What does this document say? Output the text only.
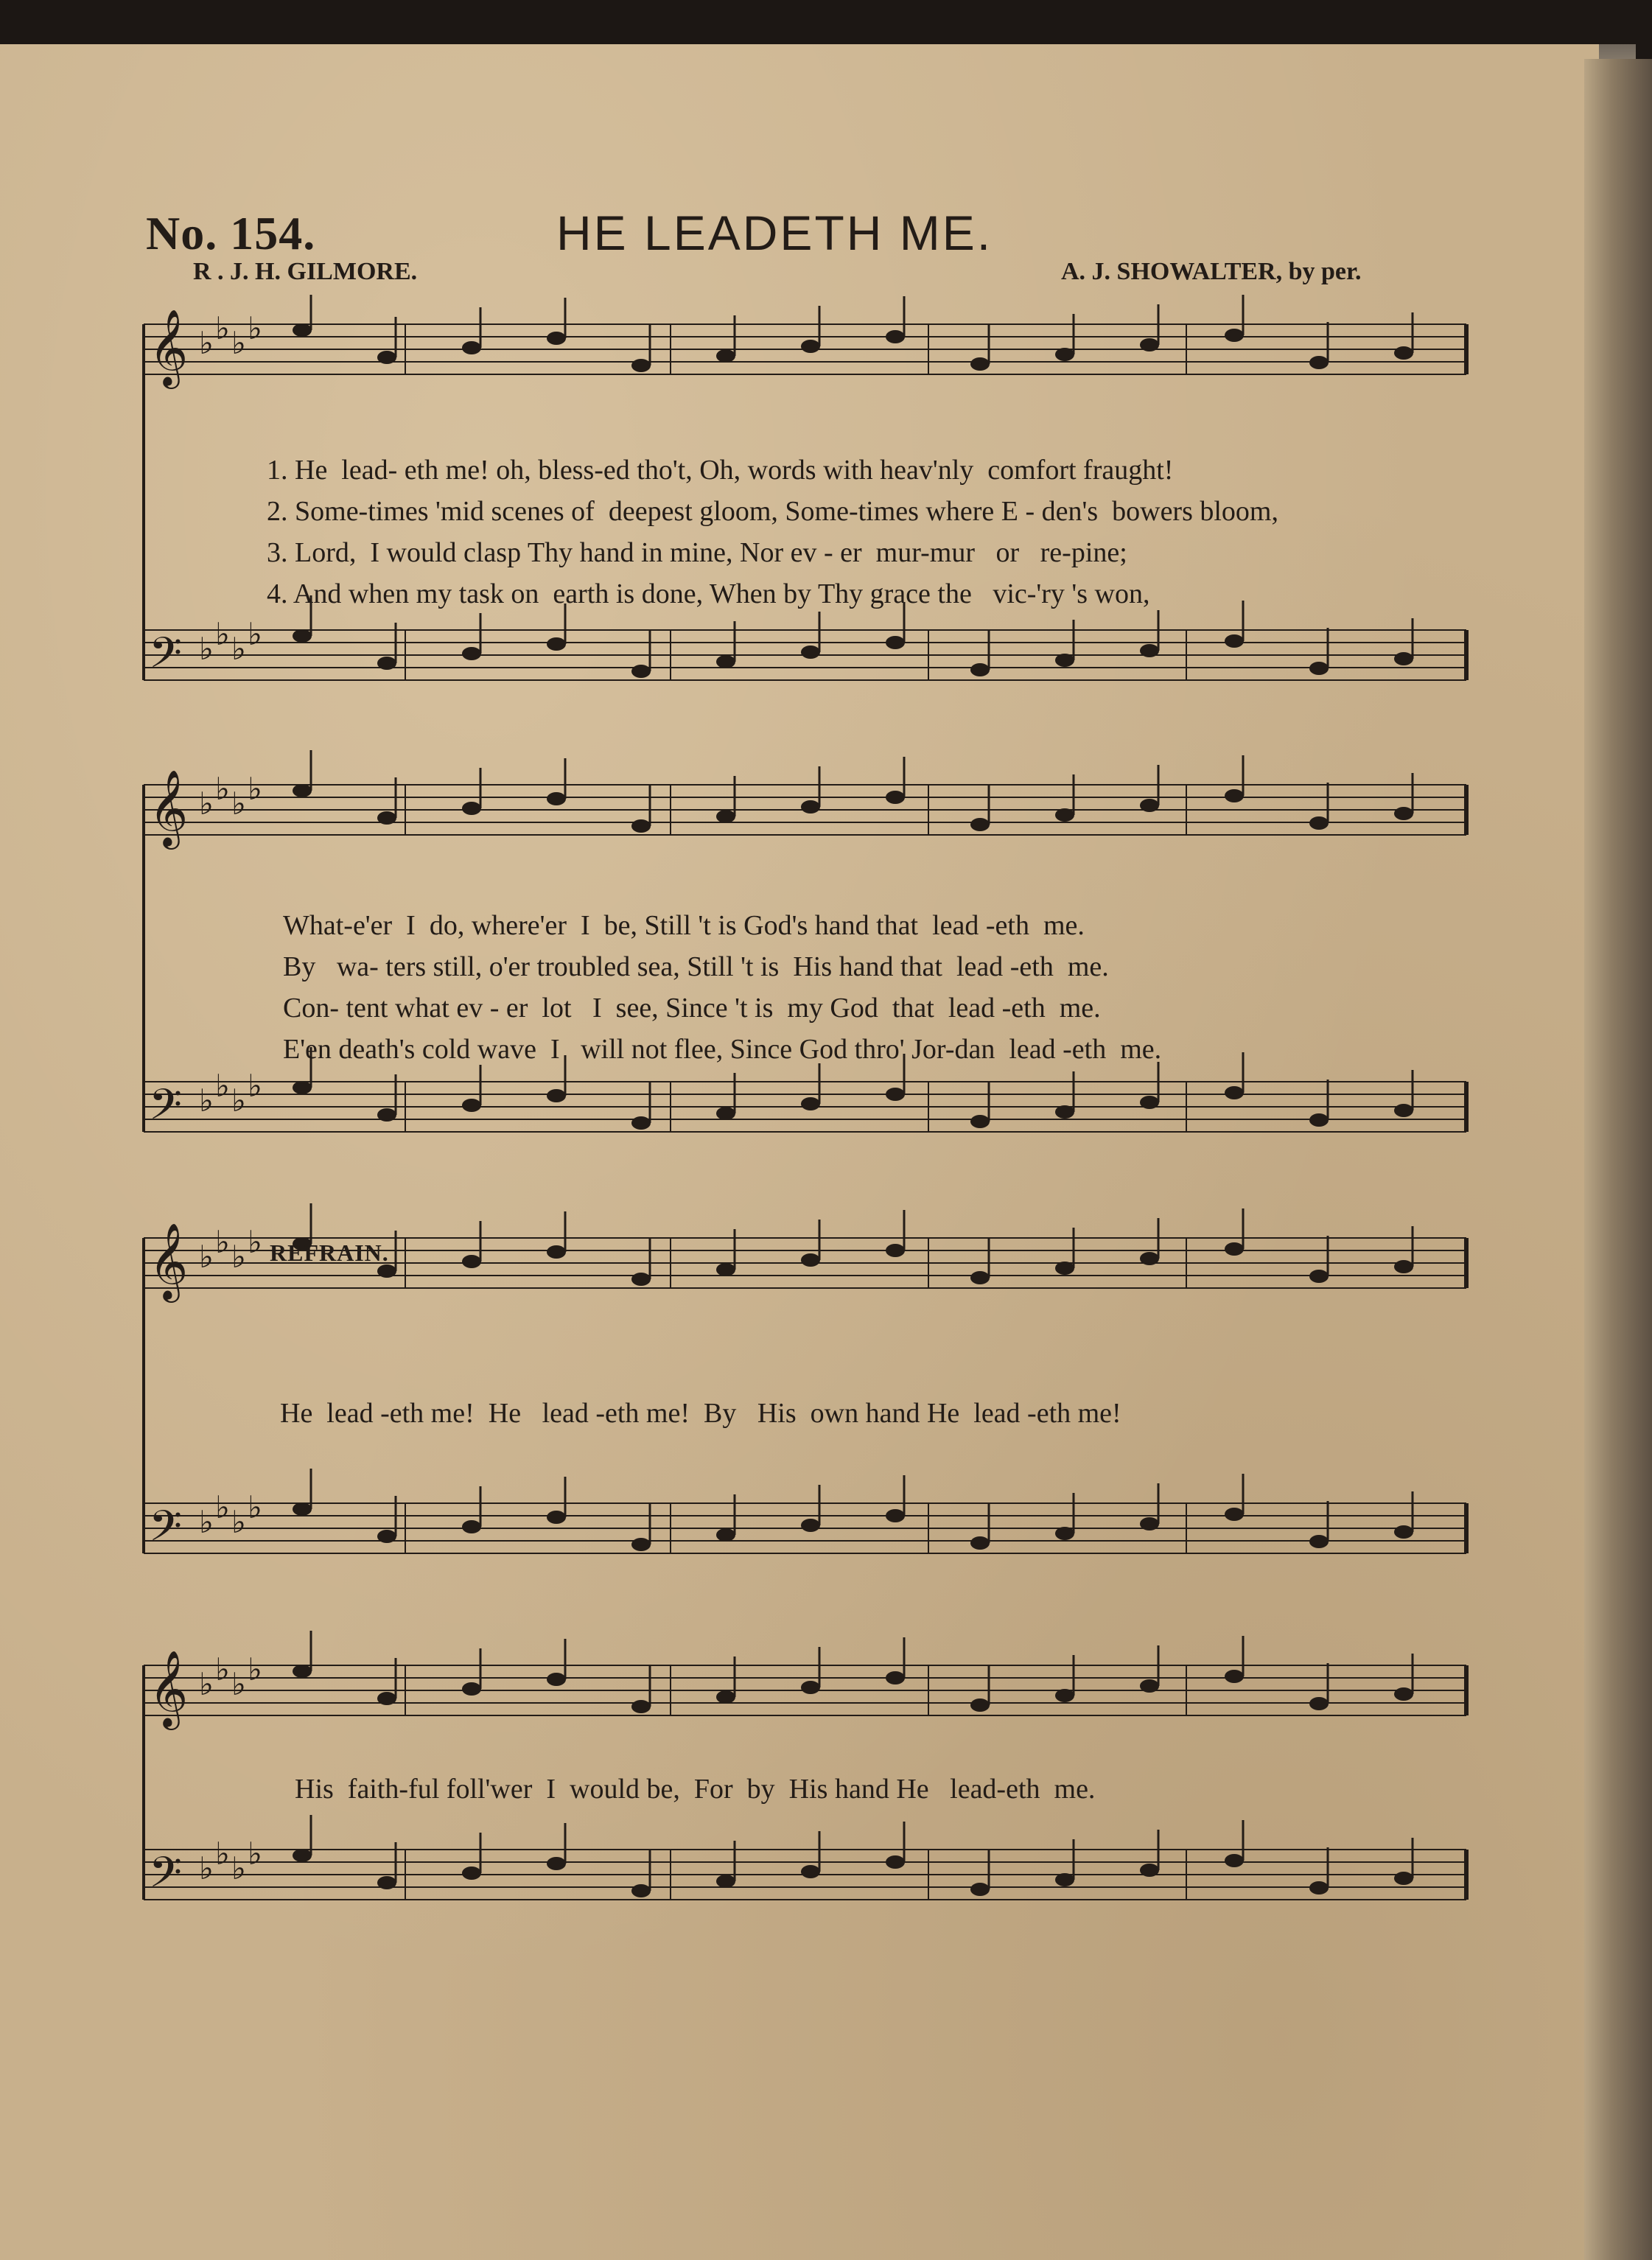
No. 154.	HE LEADETH ME.
R . J. H. GILMORE.	A. J. SHOWALTER, by per.
𝄞 ♭ ♭ ♭ ♭
𝄢 ♭ ♭ ♭ ♭
𝄞 ♭ ♭ ♭ ♭
𝄢 ♭ ♭ ♭ ♭
𝄞 ♭ ♭ ♭ ♭
𝄢 ♭ ♭ ♭ ♭
𝄞 ♭ ♭ ♭ ♭
𝄢 ♭ ♭ ♭ ♭
1. He  lead- eth me! oh, bless-ed tho't, Oh, words with heav'nly  comfort fraught!
2. Some-times 'mid scenes of  deepest gloom, Some-times where E - den's  bowers bloom,
3. Lord,  I would clasp Thy hand in mine, Nor ev - er  mur-mur   or   re-pine;
4. And when my task on  earth is done, When by Thy grace the   vic-'ry 's won,
What-e'er  I  do, where'er  I  be, Still 't is God's hand that  lead -eth  me.
By   wa- ters still, o'er troubled sea, Still 't is  His hand that  lead -eth  me.
Con- tent what ev - er  lot   I  see, Since 't is  my God  that  lead -eth  me.
E'en death's cold wave  I   will not flee, Since God thro' Jor-dan  lead -eth  me.
REFRAIN.
He  lead -eth me!  He   lead -eth me!  By   His  own hand He  lead -eth me!
His  faith-ful foll'wer  I  would be,  For  by  His hand He   lead-eth  me.
